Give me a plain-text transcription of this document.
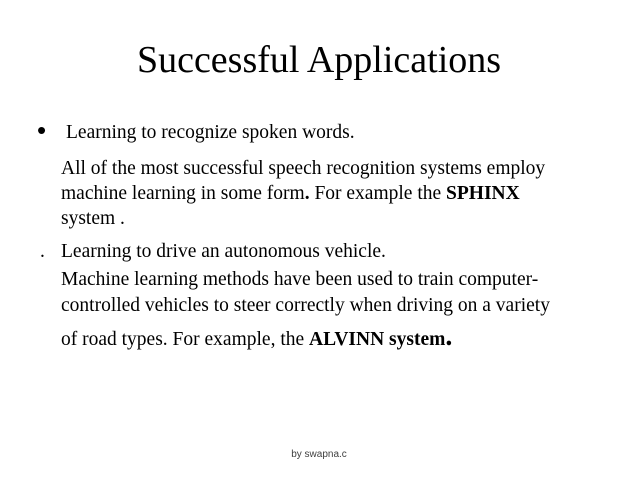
Successful Applications
• Learning to recognize spoken words.
All of the most successful speech recognition systems employ
machine learning in some form. For example the SPHINX
system .
. Learning to drive an autonomous vehicle.
Machine learning methods have been used to train computer-
controlled vehicles to steer correctly when driving on a variety
of road types. For example, the ALVINN system.
by swapna.c
